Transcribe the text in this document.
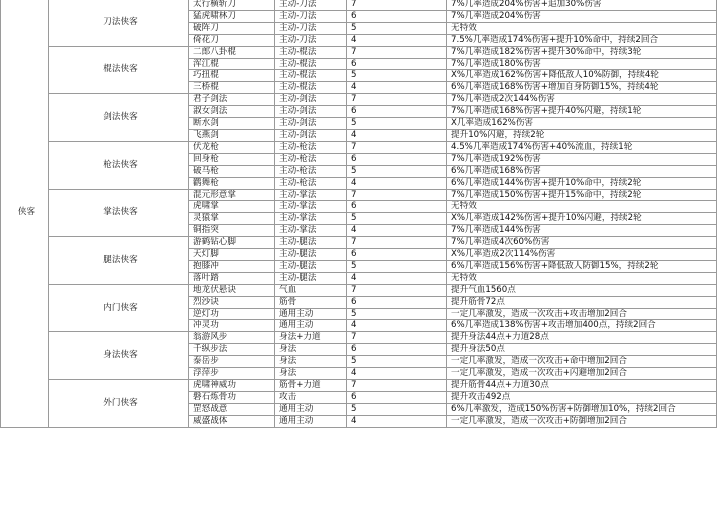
侠客	刀法侠客	太行横斩刀	主动-刀法	7	7%几率造成204%伤害+追加30%伤害
		猛虎啸林刀	主动-刀法	6	7%几率造成204%伤害
		破阵刀	主动-刀法	5	无特效
		倚花刀	主动-刀法	4	7.5%几率造成174%伤害+提升10%命中，持续2回合
	棍法侠客	二郎八卦棍	主动-棍法	7	7%几率造成182%伤害+提升30%命中，持续3轮
		浑江棍	主动-棍法	6	7%几率造成180%伤害
		巧扭棍	主动-棍法	5	X%几率造成162%伤害+降低敌人10%防御，持续4轮
		三桥棍	主动-棍法	4	6%几率造成168%伤害+增加自身防御15%，持续4轮
	剑法侠客	君子剑法	主动-剑法	7	7%几率造成2次144%伤害
		淑女剑法	主动-剑法	6	7%几率造成168%伤害+提升40%闪避，持续1轮
		断水剑	主动-剑法	5	X几率造成162%伤害
		飞燕剑	主动-剑法	4	提升10%闪避，持续2轮
	枪法侠客	伏龙枪	主动-枪法	7	4.5%几率造成174%伤害+40%流血，持续1轮
		回身枪	主动-枪法	6	7%几率造成192%伤害
		破马枪	主动-枪法	5	6%几率造成168%伤害
		鹳舞枪	主动-枪法	4	6%几率造成144%伤害+提升10%命中，持续2轮
	掌法侠客	混元形意掌	主动-掌法	7	7%几率造成150%伤害+提升15%命中，持续2轮
		虎啸掌	主动-掌法	6	无特效
		灵猿掌	主动-掌法	5	X%几率造成142%伤害+提升10%闪避，持续2轮
		铜指突	主动-掌法	4	7%几率造成144%伤害
	腿法侠客	游鹤钻心脚	主动-腿法	7	7%几率造成4次60%伤害
		天灯脚	主动-腿法	6	X%几率造成2次114%伤害
		抱膝冲	主动-腿法	5	6%几率造成156%伤害+降低敌人防御15%，持续2轮
		落叶踏	主动-腿法	4	无特效
	内门侠客	地龙伏悬诀	气血	7	提升气血1560点
		烈沙诀	筋骨	6	提升筋骨72点
		逆灯功	通用主动	5	一定几率激发，造成一次攻击+攻击增加2回合
		冲灵功	通用主动	4	6%几率造成138%伤害+攻击增加400点，持续2回合
	身法侠客	翁游风步	身法+力道	7	提升身法44点+力道28点
		千纵步法	身法	6	提升身法50点
		泰岳步	身法	5	一定几率激发，造成一次攻击+命中增加2回合
		浮萍步	身法	4	一定几率激发，造成一次攻击+闪避增加2回合
	外门侠客	虎啸神威功	筋骨+力道	7	提升筋骨44点+力道30点
		磐石炼骨功	攻击	6	提升攻击492点
		罡怒战意	通用主动	5	6%几率激发，造成150%伤害+防御增加10%，持续2回合
		威盛战体	通用主动	4	一定几率激发，造成一次攻击+防御增加2回合
